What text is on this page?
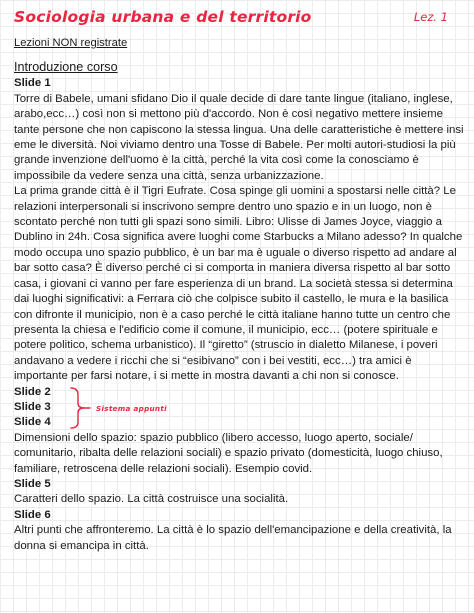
Sociologia urbana e del territorio	Lez. 1

Lezioni NON registrate

Introduzione corso

Slide 1

Torre di Babele, umani sfidano Dio il quale decide di dare tante lingue (italiano, inglese, arabo,ecc…) così non si mettono più d'accordo. Non è così negativo mettere insieme tante persone che non capiscono la stessa lingua. Una delle caratteristiche è mettere insi eme le diversità. Noi viviamo dentro una Tosse di Babele. Per molti autori-studiosi la più grande invenzione dell'uomo è la città, perché la vita così come la conosciamo è impossibile da vedere senza una città, senza urbanizzazione.

La prima grande città è il Tigri Eufrate. Cosa spinge gli uomini a spostarsi nelle città? Le relazioni interpersonali si inscrivono sempre dentro uno spazio e in un luogo, non è scontato perché non tutti gli spazi sono simili. Libro: Ulisse di James Joyce, viaggio a Dublino in 24h. Cosa significa avere luoghi come Starbucks a Milano adesso? In qualche modo occupa uno spazio pubblico, è un bar ma è uguale o diverso rispetto ad andare al bar sotto casa? È diverso perché ci si comporta in maniera diversa rispetto al bar sotto casa, i giovani ci vanno per fare esperienza di un brand. La società stessa si determina dai luoghi significativi: a Ferrara ciò che colpisce subito il castello, le mura e la basilica con difronte il municipio, non è a caso perché le città italiane hanno tutte un centro che presenta la chiesa e l'edificio come il comune, il municipio, ecc… (potere spirituale e potere politico, schema urbanistico). Il “giretto” (struscio in dialetto Milanese, i poveri andavano a vedere i ricchi che si “esibivano” con i bei vestiti, ecc…) tra amici è importante per farsi notare, i si mette in mostra davanti a chi non si conosce.

Slide 2

Slide 3

Slide 4

Sistema appunti

Dimensioni dello spazio: spazio pubblico (libero accesso, luogo aperto, sociale/ comunitario, ribalta delle relazioni sociali) e spazio privato (domesticità, luogo chiuso, familiare, retroscena delle relazioni sociali). Esempio covid.

Slide 5

Caratteri dello spazio. La città costruisce una socialità.

Slide 6

Altri punti che affronteremo. La città è lo spazio dell'emancipazione e della creatività, la donna si emancipa in città.
